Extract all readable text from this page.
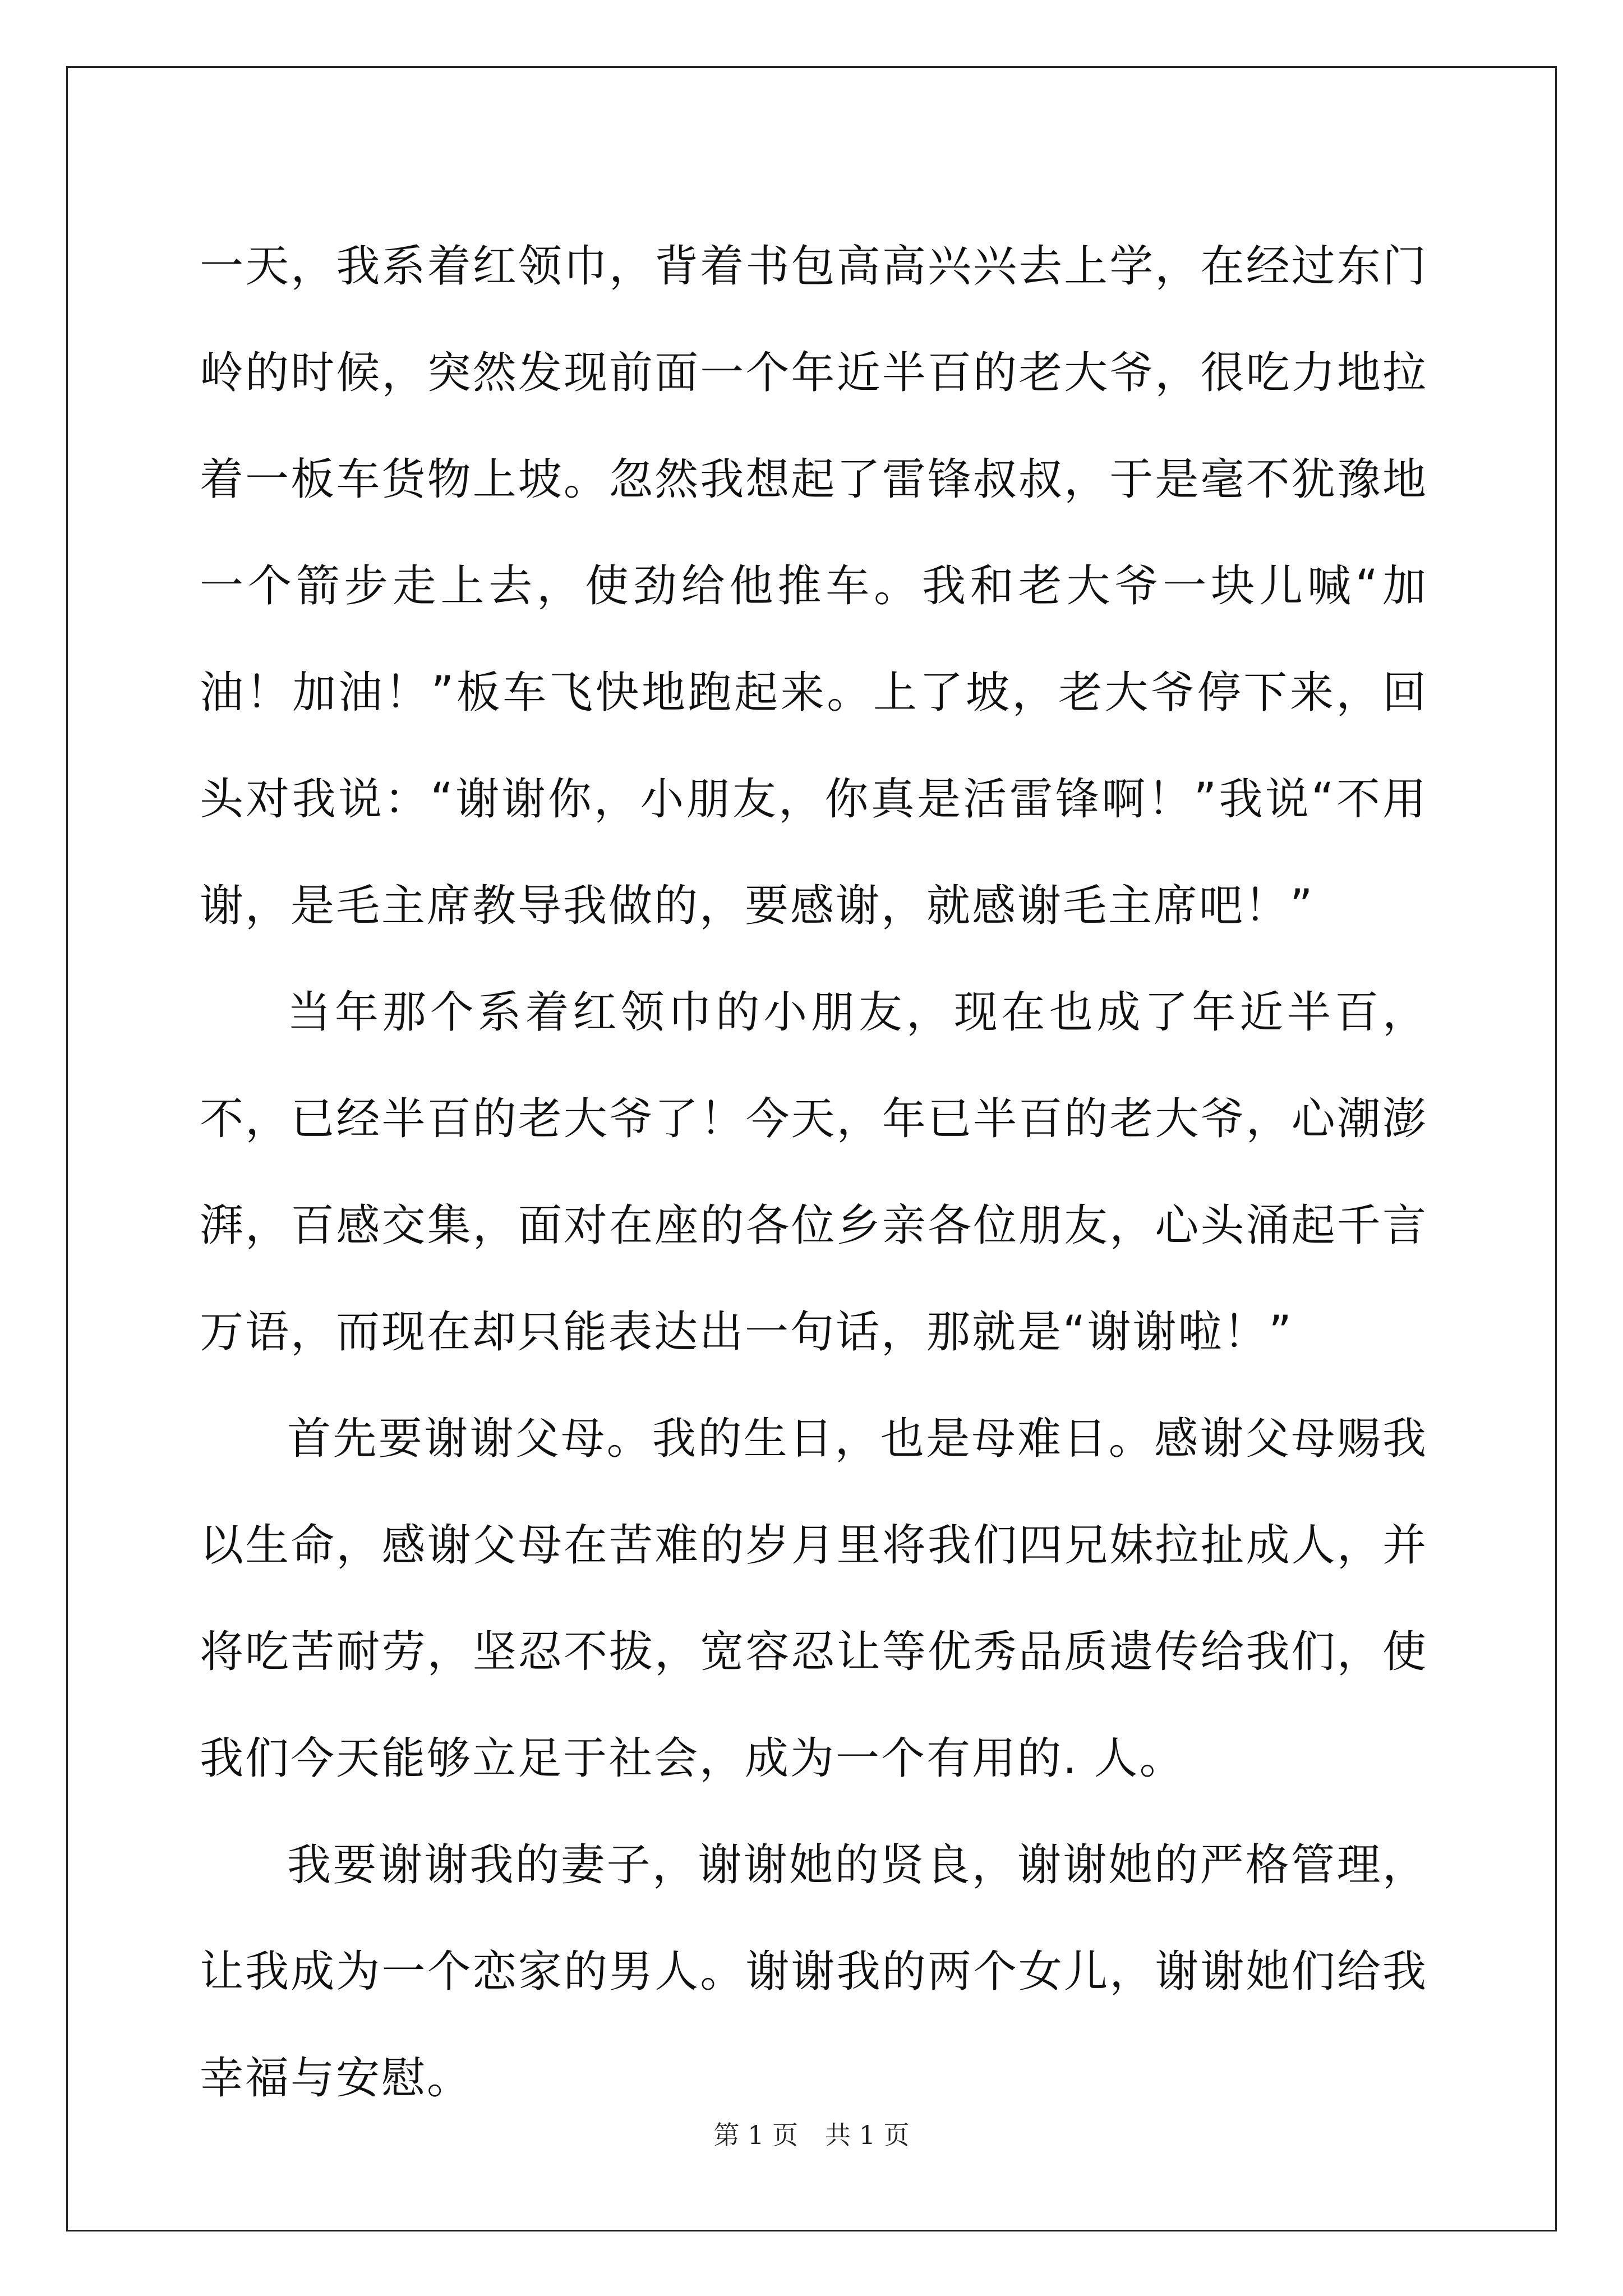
一天，我系着红领巾，背着书包高高兴兴去上学，在经过东门岭的时候，突然发现前面一个年近半百的老大爷，很吃力地拉着一板车货物上坡。忽然我想起了雷锋叔叔，于是毫不犹豫地一个箭步走上去，使劲给他推车。我和老大爷一块儿喊“加油！加油！”板车飞快地跑起来。上了坡，老大爷停下来，回头对我说：“谢谢你，小朋友，你真是活雷锋啊！”我说“不用谢，是毛主席教导我做的，要感谢，就感谢毛主席吧！”

当年那个系着红领巾的小朋友，现在也成了年近半百，不，已经半百的老大爷了！今天，年已半百的老大爷，心潮澎湃，百感交集，面对在座的各位乡亲各位朋友，心头涌起千言万语，而现在却只能表达出一句话，那就是“谢谢啦！”

首先要谢谢父母。我的生日，也是母难日。感谢父母赐我以生命，感谢父母在苦难的岁月里将我们四兄妹拉扯成人，并将吃苦耐劳，坚忍不拔，宽容忍让等优秀品质遗传给我们，使我们今天能够立足于社会，成为一个有用的. 人。

我要谢谢我的妻子，谢谢她的贤良，谢谢她的严格管理，让我成为一个恋家的男人。谢谢我的两个女儿，谢谢她们给我幸福与安慰。

第 1 页 共 1 页
